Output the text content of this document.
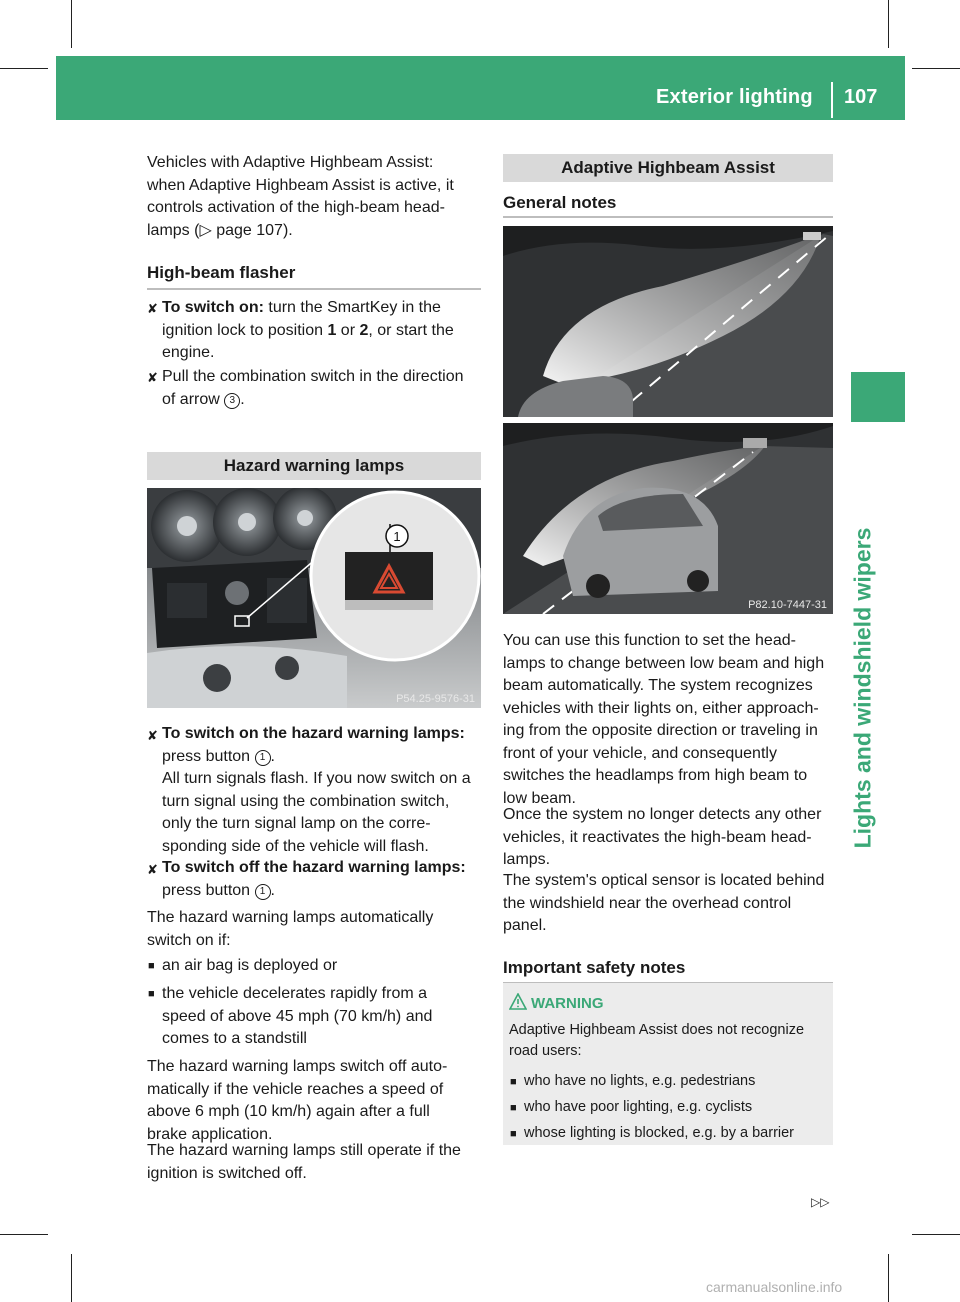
Exterior lighting 107
Lights and windshield wipers

Vehicles with Adaptive Highbeam Assist:

when Adaptive Highbeam Assist is active, it

controls activation of the high-beam head-

lamps (▷ page 107).

High-beam flasher
✘ To switch on: turn the SmartKey in the

ignition lock to position 1 or 2, or start the

engine.

✘ Pull the combination switch in the direction

of arrow 3 .

Hazard warning lamps
1
P54.25-9576-31
✘ To switch on the hazard warning lamps:

press button 1 .

All turn signals flash. If you now switch on a

turn signal using the combination switch,

only the turn signal lamp on the corre-

sponding side of the vehicle will flash.

✘ To switch off the hazard warning lamps:

press button 1 .

The hazard warning lamps automatically

switch on if:

■ an air bag is deployed or

■ the vehicle decelerates rapidly from a

speed of above 45 mph (70 km/h) and

comes to a standstill

The hazard warning lamps switch off auto-

matically if the vehicle reaches a speed of

above 6 mph (10 km/h) again after a full

brake application.

The hazard warning lamps still operate if the

ignition is switched off.

Adaptive Highbeam Assist
General notes
P82.10-7447-31

You can use this function to set the head-

lamps to change between low beam and high

beam automatically. The system recognizes

vehicles with their lights on, either approach-

ing from the opposite direction or traveling in

front of your vehicle, and consequently

switches the headlamps from high beam to

low beam.

Once the system no longer detects any other

vehicles, it reactivates the high-beam head-

lamps.

The system's optical sensor is located behind

the windshield near the overhead control

panel.

Important safety notes
WARNING

Adaptive Highbeam Assist does not recognize

road users:

■ who have no lights, e.g. pedestrians
■ who have poor lighting, e.g. cyclists
■ whose lighting is blocked, e.g. by a barrier
▷▷
carmanualsonline.info
